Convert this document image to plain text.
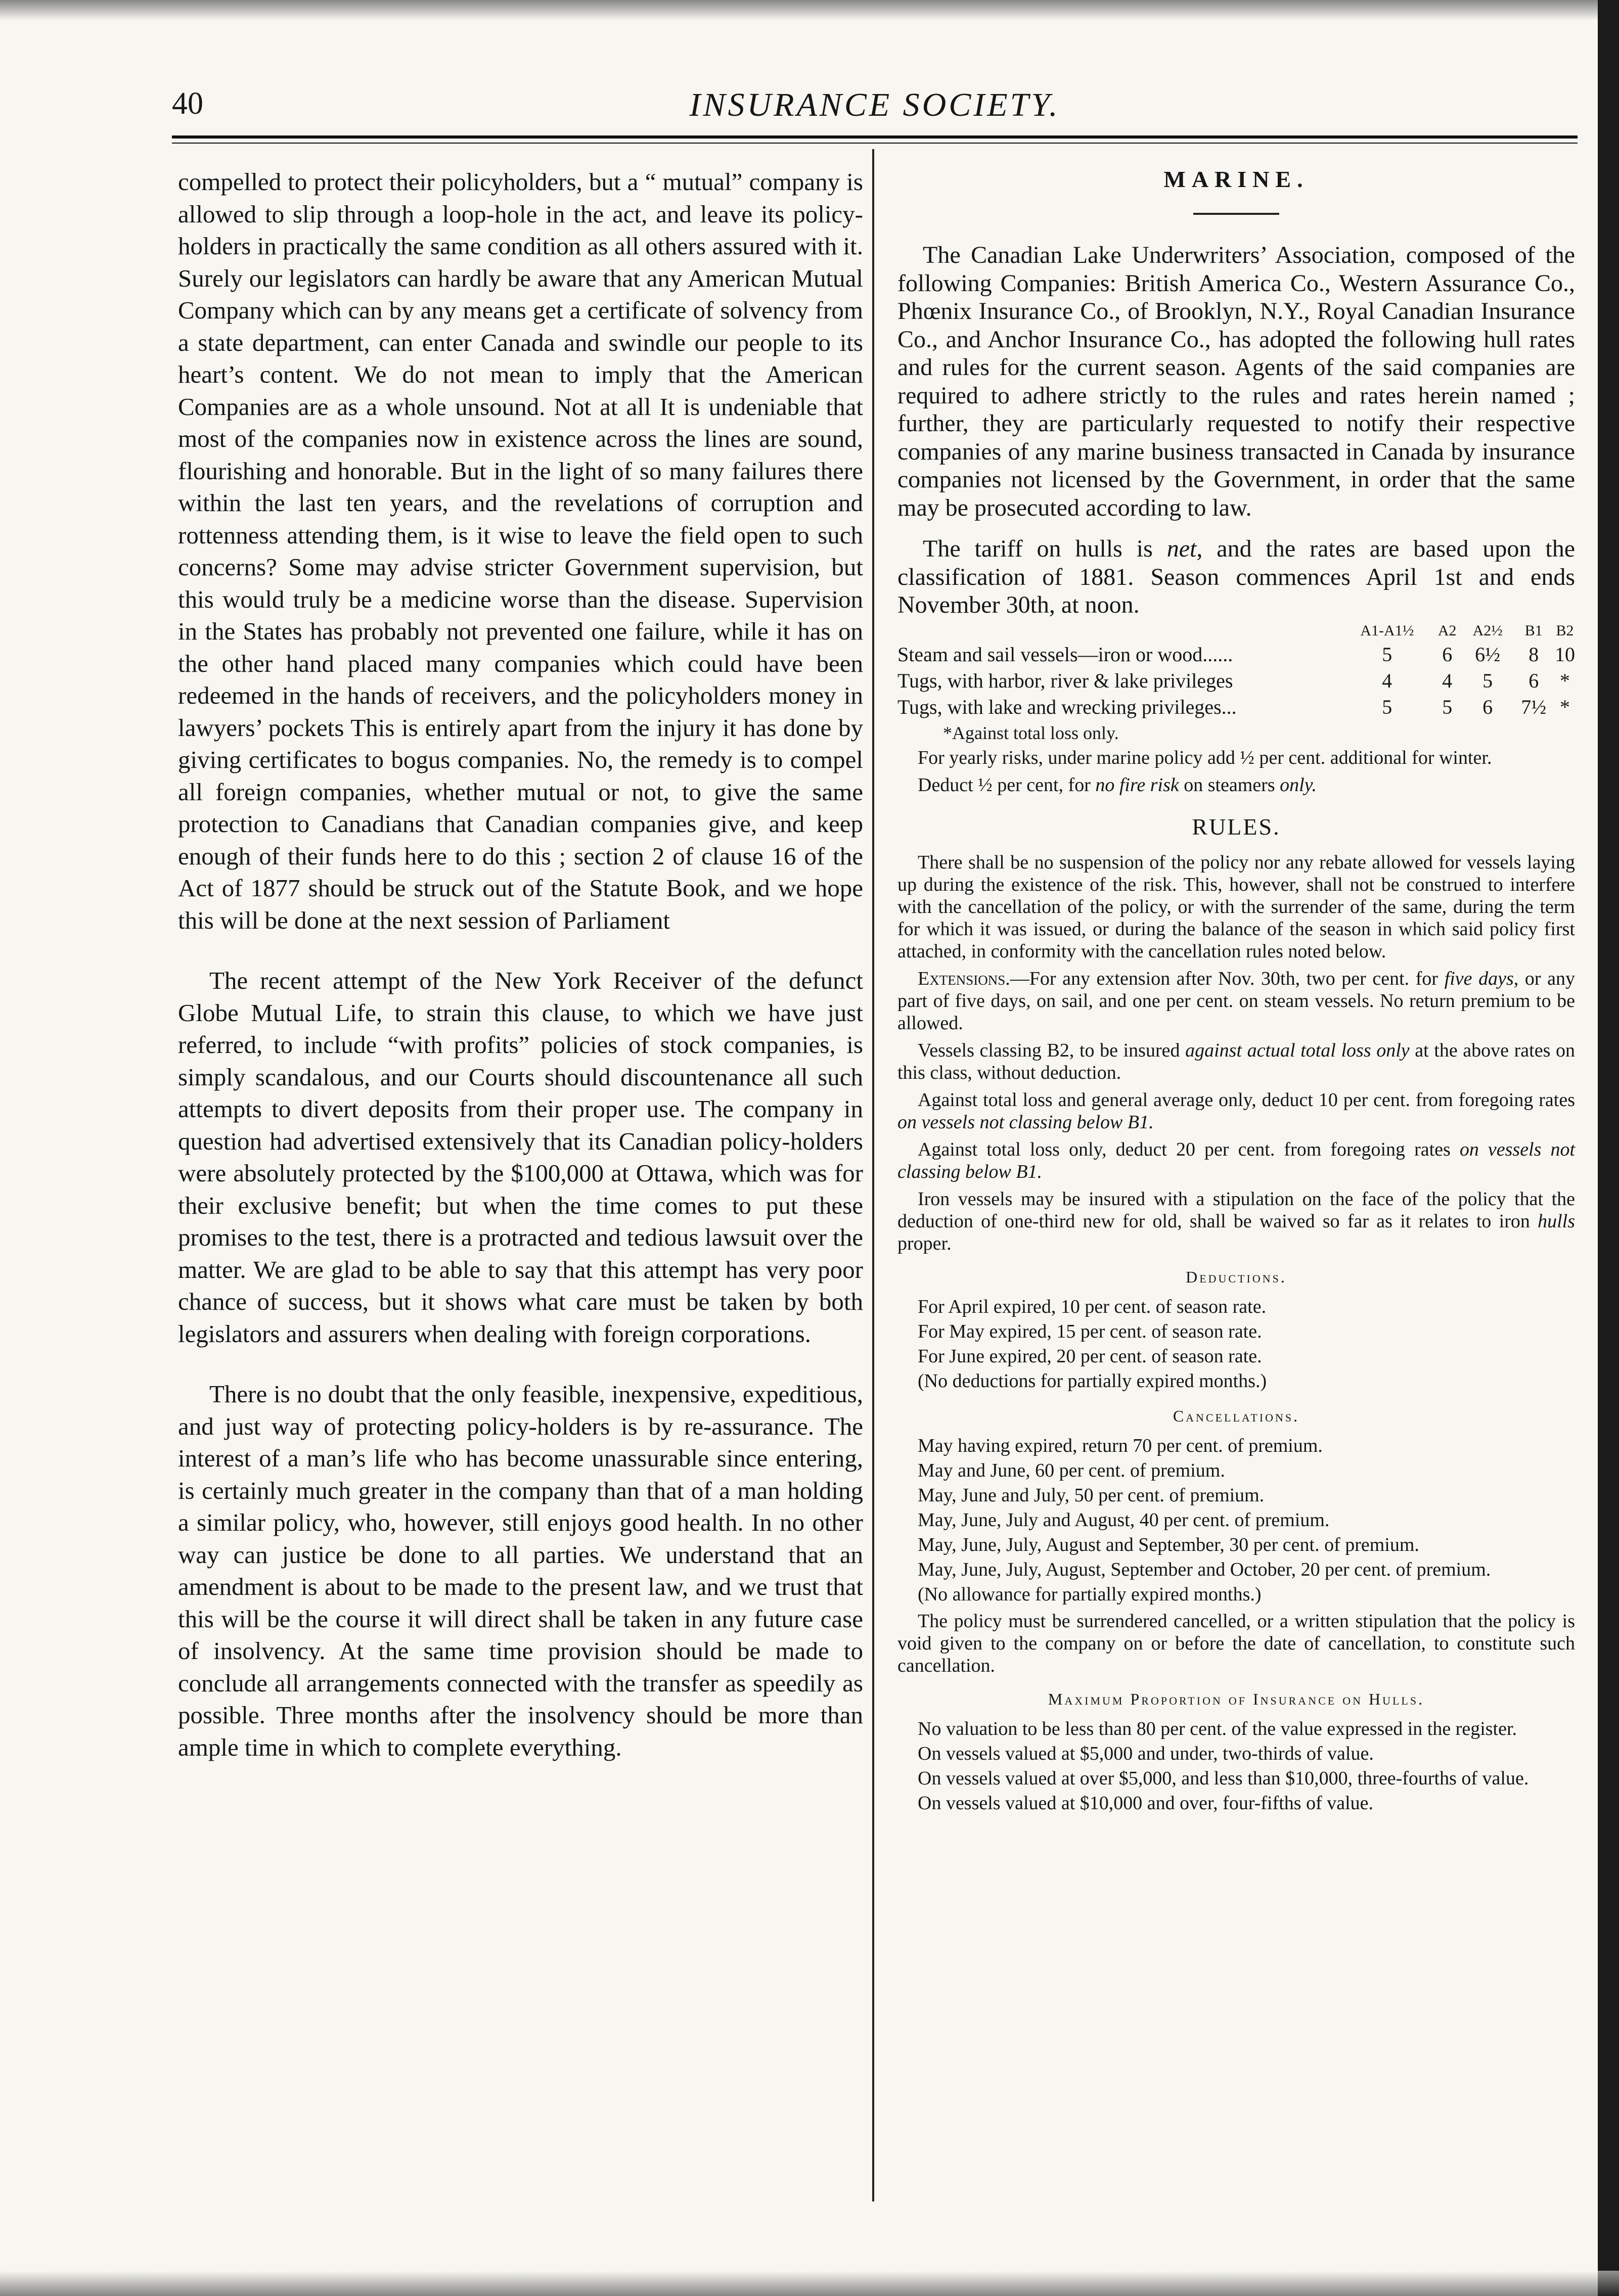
40	INSURANCE SOCIETY.

compelled to protect their policyholders, but a “ mutual” company is allowed to slip through a loop-hole in the act, and leave its policy-holders in practically the same condition as all others assured with it. Surely our legislators can hardly be aware that any American Mutual Company which can by any means get a certificate of solvency from a state department, can enter Canada and swindle our people to its heart’s content. We do not mean to imply that the American Companies are as a whole unsound. Not at all It is undeniable that most of the companies now in existence across the lines are sound, flourishing and honorable. But in the light of so many failures there within the last ten years, and the revelations of corruption and rottenness attending them, is it wise to leave the field open to such concerns? Some may advise stricter Government supervision, but this would truly be a medicine worse than the disease. Supervision in the States has probably not prevented one failure, while it has on the other hand placed many companies which could have been redeemed in the hands of receivers, and the policyholders money in lawyers’ pockets This is entirely apart from the injury it has done by giving certificates to bogus companies. No, the remedy is to compel all foreign companies, whether mutual or not, to give the same protection to Canadians that Canadian companies give, and keep enough of their funds here to do this ; section 2 of clause 16 of the Act of 1877 should be struck out of the Statute Book, and we hope this will be done at the next session of Parliament

The recent attempt of the New York Receiver of the defunct Globe Mutual Life, to strain this clause, to which we have just referred, to include “with profits” policies of stock companies, is simply scandalous, and our Courts should discountenance all such attempts to divert deposits from their proper use. The company in question had advertised extensively that its Canadian policy-holders were absolutely protected by the $100,000 at Ottawa, which was for their exclusive benefit; but when the time comes to put these promises to the test, there is a protracted and tedious lawsuit over the matter. We are glad to be able to say that this attempt has very poor chance of success, but it shows what care must be taken by both legislators and assurers when dealing with foreign corporations.

There is no doubt that the only feasible, inexpensive, expeditious, and just way of protecting policy-holders is by re-assurance. The interest of a man’s life who has become unassurable since entering, is certainly much greater in the company than that of a man holding a similar policy, who, however, still enjoys good health. In no other way can justice be done to all parties. We understand that an amendment is about to be made to the present law, and we trust that this will be the course it will direct shall be taken in any future case of insolvency. At the same time provision should be made to conclude all arrangements connected with the transfer as speedily as possible. Three months after the insolvency should be more than ample time in which to complete everything.

MARINE.

The Canadian Lake Underwriters’ Association, composed of the following Companies: British America Co., Western Assurance Co., Phœnix Insurance Co., of Brooklyn, N.Y., Royal Canadian Insurance Co., and Anchor Insurance Co., has adopted the following hull rates and rules for the current season. Agents of the said companies are required to adhere strictly to the rules and rates herein named ; further, they are particularly requested to notify their respective companies of any marine business transacted in Canada by insurance companies not licensed by the Government, in order that the same may be prosecuted according to law.

The tariff on hulls is net, and the rates are based upon the classification of 1881. Season commences April 1st and ends November 30th, at noon.

	A1-A1½	A2	A2½	B1	B2
Steam and sail vessels—iron or wood......	5	6	6½	8	10
Tugs, with harbor, river & lake privileges	4	4	5	6	*
Tugs, with lake and wrecking privileges...	5	5	6	7½	*

*Against total loss only.

For yearly risks, under marine policy add ½ per cent. additional for winter.

Deduct ½ per cent, for no fire risk on steamers only.

RULES.

There shall be no suspension of the policy nor any rebate allowed for vessels laying up during the existence of the risk. This, however, shall not be construed to interfere with the cancellation of the policy, or with the surrender of the same, during the term for which it was issued, or during the balance of the season in which said policy first attached, in conformity with the cancellation rules noted below.

Extensions.—For any extension after Nov. 30th, two per cent. for five days, or any part of five days, on sail, and one per cent. on steam vessels. No return premium to be allowed.

Vessels classing B2, to be insured against actual total loss only at the above rates on this class, without deduction.

Against total loss and general average only, deduct 10 per cent. from foregoing rates on vessels not classing below B1.

Against total loss only, deduct 20 per cent. from foregoing rates on vessels not classing below B1.

Iron vessels may be insured with a stipulation on the face of the policy that the deduction of one-third new for old, shall be waived so far as it relates to iron hulls proper.

Deductions.

For April expired, 10 per cent. of season rate.

For May expired, 15 per cent. of season rate.

For June expired, 20 per cent. of season rate.

(No deductions for partially expired months.)

Cancellations.

May having expired, return 70 per cent. of premium.

May and June, 60 per cent. of premium.

May, June and July, 50 per cent. of premium.

May, June, July and August, 40 per cent. of premium.

May, June, July, August and September, 30 per cent. of premium.

May, June, July, August, September and October, 20 per cent. of premium.

(No allowance for partially expired months.)

The policy must be surrendered cancelled, or a written stipulation that the policy is void given to the company on or before the date of cancellation, to constitute such cancellation.

Maximum Proportion of Insurance on Hulls.

No valuation to be less than 80 per cent. of the value expressed in the register.

On vessels valued at $5,000 and under, two-thirds of value.

On vessels valued at over $5,000, and less than $10,000, three-fourths of value.

On vessels valued at $10,000 and over, four-fifths of value.
